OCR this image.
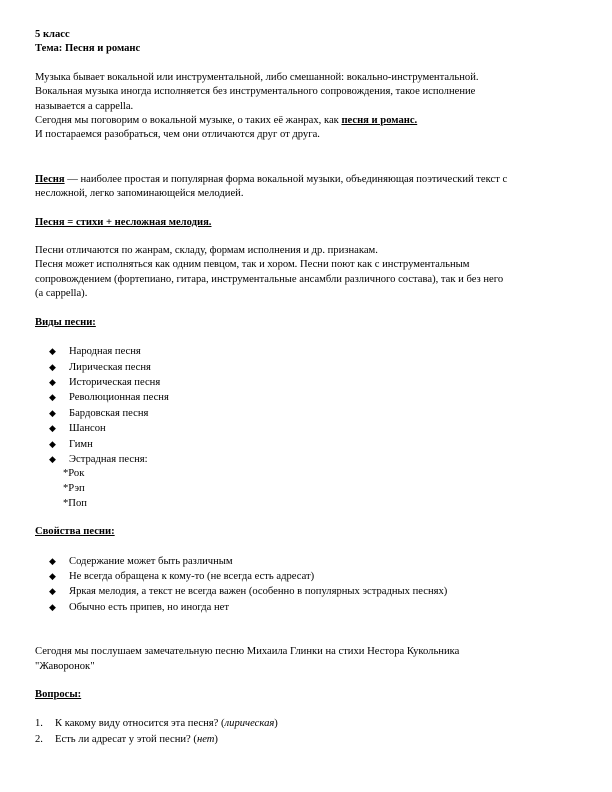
5 класс

Тема: Песня и романс

Музыка бывает вокальной или инструментальной, либо смешанной: вокально-инструментальной.

Вокальная музыка иногда исполняется без инструментального сопровождения, такое исполнение

называется a cappella.

Сегодня мы поговорим о вокальной музыке, о таких её жанрах, как песня и романс.

И постараемся разобраться, чем они отличаются друг от друга.

Песня — наиболее простая и популярная форма вокальной музыки, объединяющая поэтический текст с

несложной, легко запоминающейся мелодией.

Песня = стихи + несложная мелодия.

Песни отличаются по жанрам, складу, формам исполнения и др. признакам.

Песня может исполняться как одним певцом, так и хором. Песни поют как с инструментальным

сопровождением (фортепиано, гитара, инструментальные ансамбли различного состава), так и без него

(a cappella).

Виды песни:

◆ Народная песня
◆ Лирическая песня
◆ Историческая песня
◆ Революционная песня
◆ Бардовская песня
◆ Шансон
◆ Гимн
◆ Эстрадная песня:

*Рок

*Рэп

*Поп

Свойства песни:

◆ Содержание может быть различным
◆ Не всегда обращена к кому-то (не всегда есть адресат)
◆ Яркая мелодия, а текст не всегда важен (особенно в популярных эстрадных песнях)
◆ Обычно есть припев, но иногда нет

Сегодня мы послушаем замечательную песню Михаила Глинки на стихи Нестора Кукольника

"Жаворонок"

Вопросы:

1. К какому виду относится эта песня? (лирическая)
2. Есть ли адресат у этой песни? (нет)
